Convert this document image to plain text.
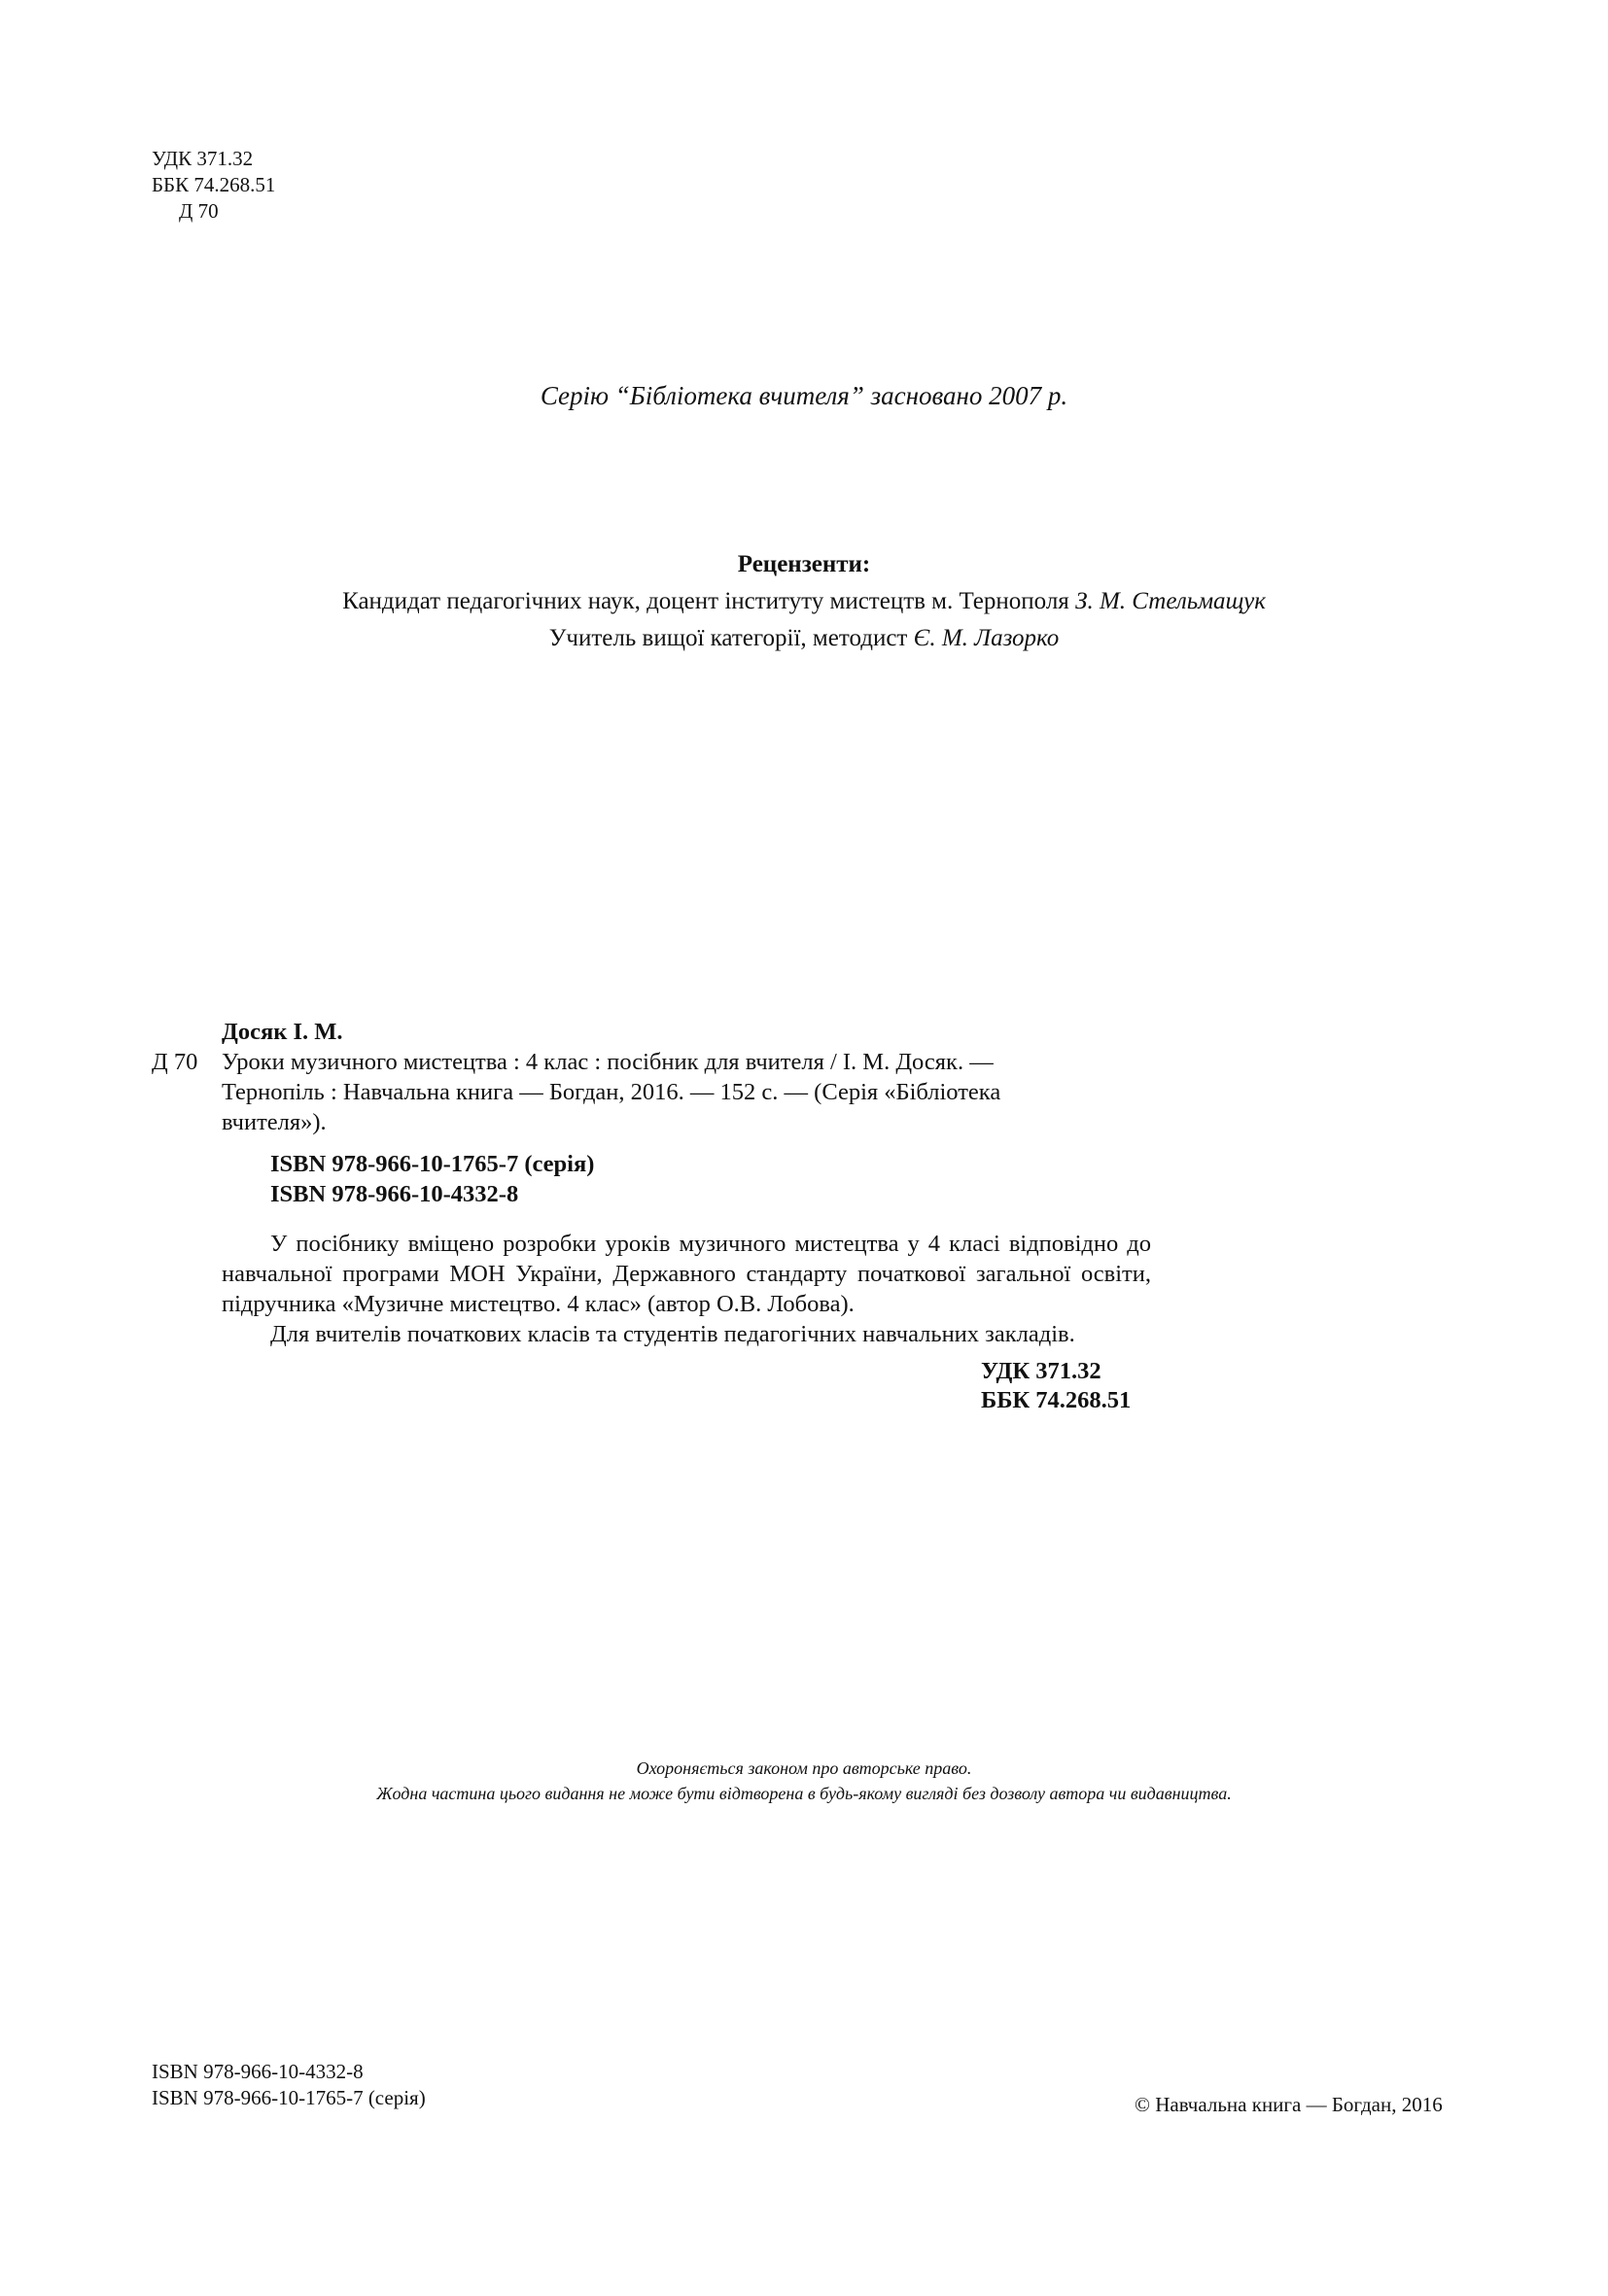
УДК 371.32
ББК 74.268.51
Д 70
Серію “Бібліотека вчителя” засновано 2007 р.
Рецензенти:
Кандидат педагогічних наук, доцент інституту мистецтв м. Тернополя З. М. Стельмащук
Учитель вищої категорії, методист Є. М. Лазорко
Досяк І. М.
Д 70 Уроки музичного мистецтва : 4 клас : посібник для вчителя / І. М. Досяк. —
Тернопіль : Навчальна книга — Богдан, 2016. — 152 с. — (Серія «Бібліотека
вчителя»).
ISBN 978-966-10-1765-7 (серія)
ISBN 978-966-10-4332-8

У посібнику вміщено розробки уроків музичного мистецтва у 4 класі відповідно до навчальної програми МОН України, Державного стандарту початкової загальної освіти, підручника «Музичне мистецтво. 4 клас» (автор О.В. Лобова).

Для вчителів початкових класів та студентів педагогічних навчальних закладів.

УДК 371.32
ББК 74.268.51
Охороняється законом про авторське право.
Жодна частина цього видання не може бути відтворена в будь-якому вигляді без дозволу автора чи видавництва.
ISBN 978-966-10-4332-8
ISBN 978-966-10-1765-7 (серія)	© Навчальна книга — Богдан, 2016
